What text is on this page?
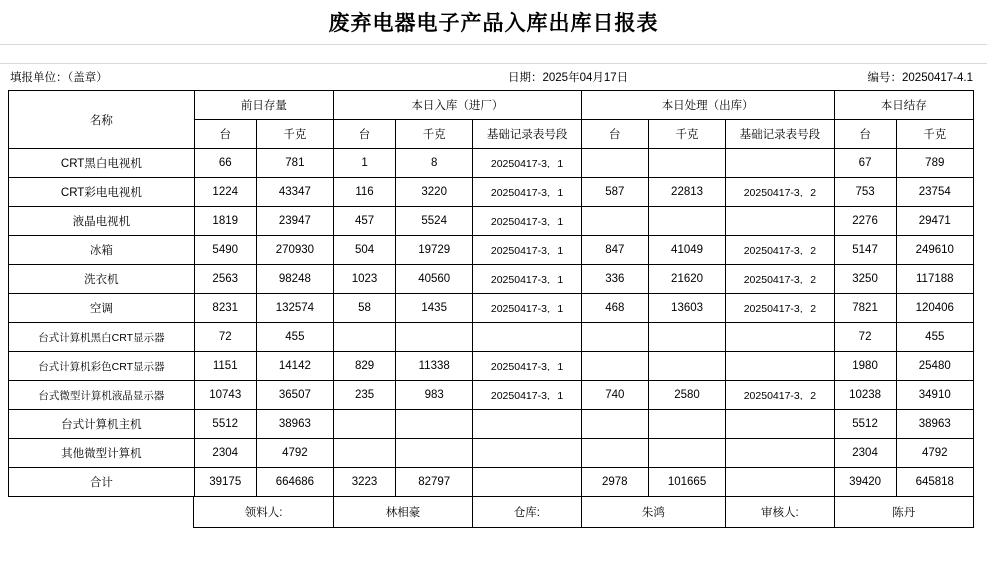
废弃电器电子产品入库出库日报表
填报单位：（盖章）	日期：2025年04月17日	编号：20250417-4.1
名称	前日存量		本日入库（进厂）			本日处理（出库）			本日结存	
	台	千克	台	千克	基础记录表号段	台	千克	基础记录表号段	台	千克
CRT黑白电视机	66	781	1	8	20250417-3．1				67	789
CRT彩电电视机	1224	43347	116	3220	20250417-3．1	587	22813	20250417-3．2	753	23754
液晶电视机	1819	23947	457	5524	20250417-3．1				2276	29471
冰箱	5490	270930	504	19729	20250417-3．1	847	41049	20250417-3．2	5147	249610
洗衣机	2563	98248	1023	40560	20250417-3．1	336	21620	20250417-3．2	3250	117188
空调	8231	132574	58	1435	20250417-3．1	468	13603	20250417-3．2	7821	120406
台式计算机黑白CRT显示器	72	455							72	455
台式计算机彩色CRT显示器	1151	14142	829	11338	20250417-3．1				1980	25480
台式微型计算机液晶显示器	10743	36507	235	983	20250417-3．1	740	2580	20250417-3．2	10238	34910
台式计算机主机	5512	38963							5512	38963
其他微型计算机	2304	4792							2304	4792
合计	39175	664686	3223	82797		2978	101665		39420	645818
	领料人:	林相豪	仓库:	朱鸿	审核人:	陈丹
